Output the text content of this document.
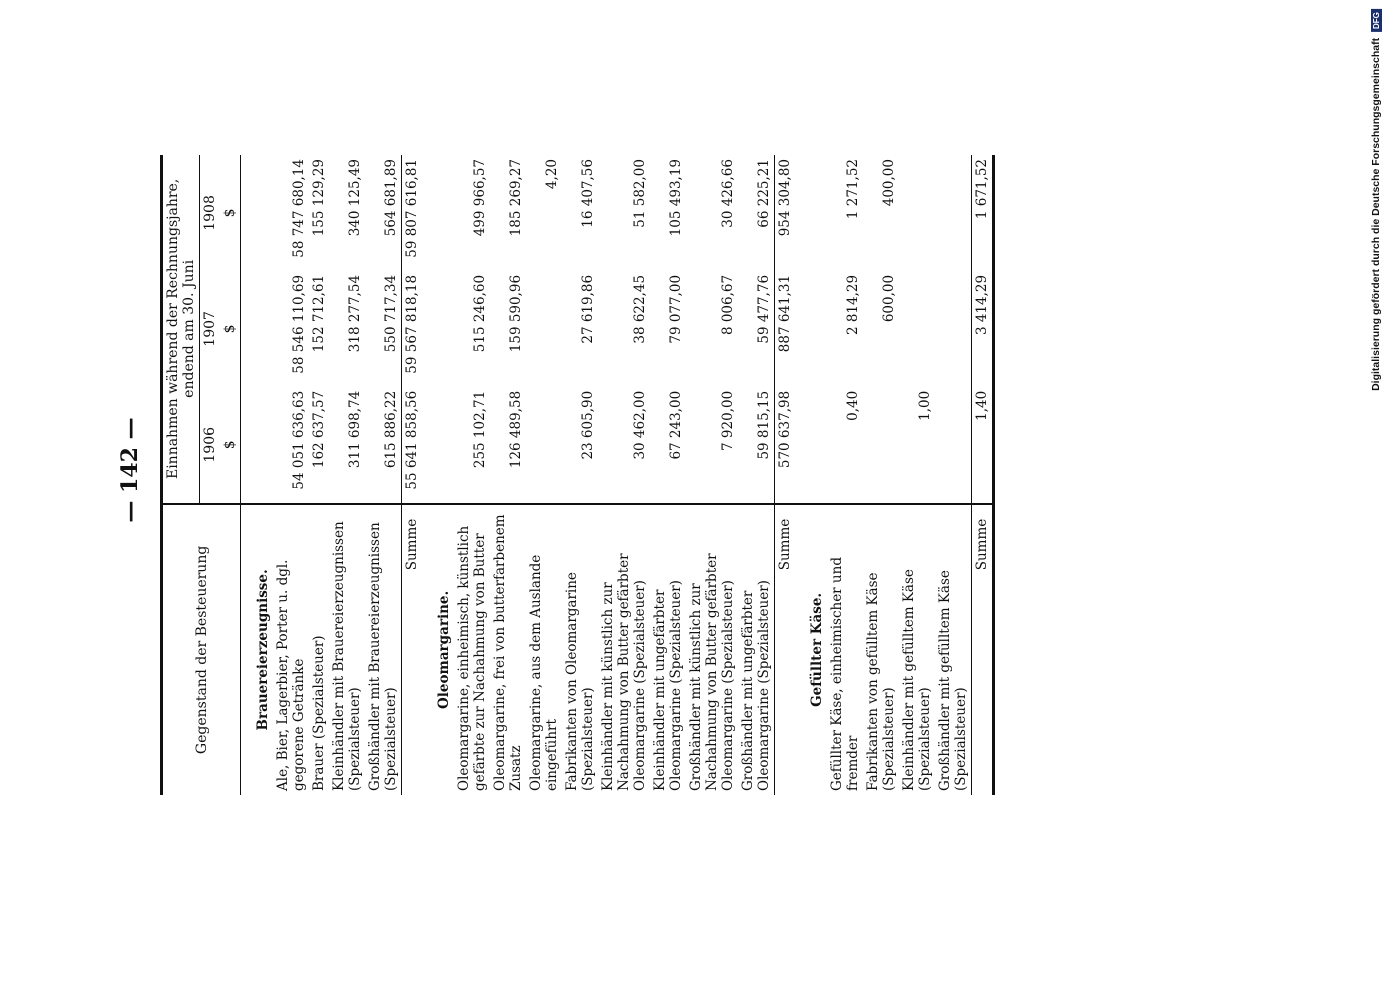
— 142 —
Digitalisierung gefördert durch die Deutsche Forschungsgemeinschaft DFG
Gegenstand der Besteuerung	Einnahmen während der Rechnungsjahre, endend am 30. Juni		
	1906	1907	1908
	$	$	$
Brauereierzeugnisse.			
Ale, Bier, Lagerbier, Porter u. dgl. gegorene Getränke	54 051 636,63	58 546 110,69	58 747 680,14
Brauer (Spezialsteuer)	162 637,57	152 712,61	155 129,29
Kleinhändler mit Brauereierzeugnissen (Spezialsteuer)	311 698,74	318 277,54	340 125,49
Großhändler mit Brauereierzeugnissen (Spezialsteuer)	615 886,22	550 717,34	564 681,89
Summe	55 641 858,56	59 567 818,18	59 807 616,81
Oleomargarine.			
Oleomargarine, einheimisch, künstlich gefärbte zur Nachahmung von Butter	255 102,71	515 246,60	499 966,57
Oleomargarine, frei von butterfarbenem Zusatz	126 489,58	159 590,96	185 269,27
Oleomargarine, aus dem Auslande eingeführt			4,20
Fabrikanten von Oleomargarine (Spezialsteuer)	23 605,90	27 619,86	16 407,56
Kleinhändler mit künstlich zur Nachahmung von Butter gefärbter Oleomargarine (Spezialsteuer)	30 462,00	38 622,45	51 582,00
Kleinhändler mit ungefärbter Oleomargarine (Spezialsteuer)	67 243,00	79 077,00	105 493,19
Großhändler mit künstlich zur Nachahmung von Butter gefärbter Oleomargarine (Spezialsteuer)	7 920,00	8 006,67	30 426,66
Großhändler mit ungefärbter Oleomargarine (Spezialsteuer)	59 815,15	59 477,76	66 225,21
Summe	570 637,98	887 641,31	954 304,80
Gefüllter Käse.			
Gefüllter Käse, einheimischer und fremder	0,40	2 814,29	1 271,52
Fabrikanten von gefülltem Käse (Spezialsteuer)		600,00	400,00
Kleinhändler mit gefülltem Käse (Spezialsteuer)	1,00		
Großhändler mit gefülltem Käse (Spezialsteuer)			
Summe	1,40	3 414,29	1 671,52
